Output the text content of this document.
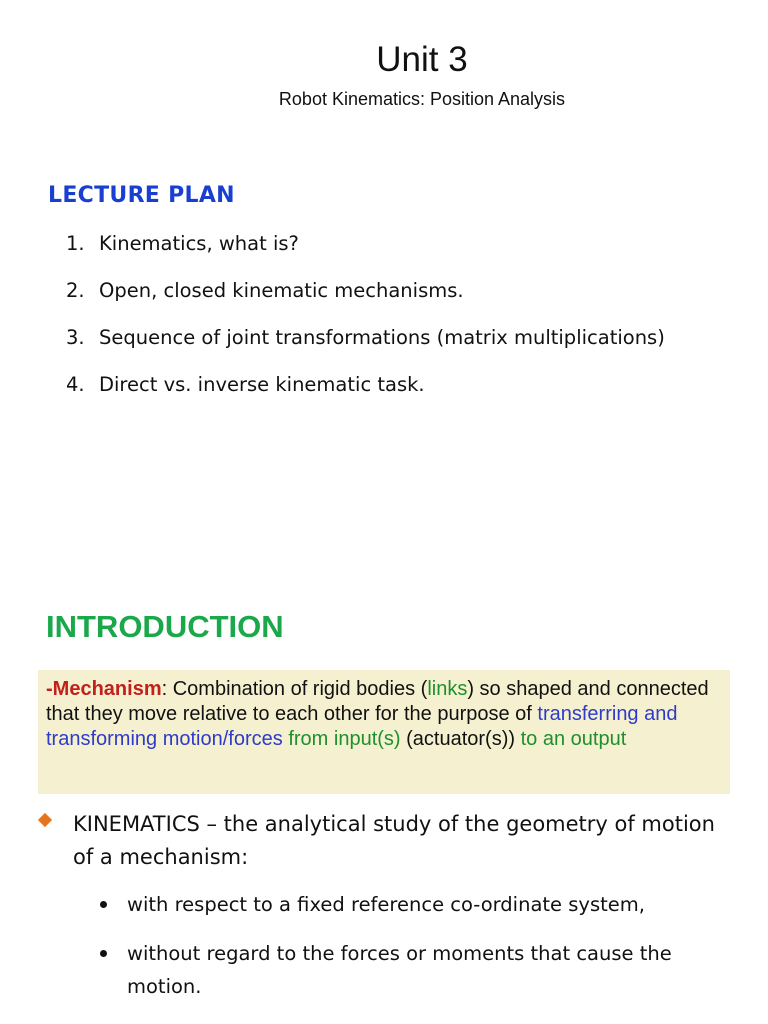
Unit 3
Robot Kinematics: Position Analysis
LECTURE PLAN
1. Kinematics, what is?
2. Open, closed kinematic mechanisms.
3. Sequence of joint transformations (matrix multiplications)
4. Direct vs. inverse kinematic task.
INTRODUCTION

-Mechanism: Combination of rigid bodies (links) so shaped and connected that they move relative to each other for the purpose of transferring and transforming motion/forces from input(s) (actuator(s)) to an output

KINEMATICS – the analytical study of the geometry of motion of a mechanism:

with respect to a fixed reference co-ordinate system,
without regard to the forces or moments that cause the motion.
